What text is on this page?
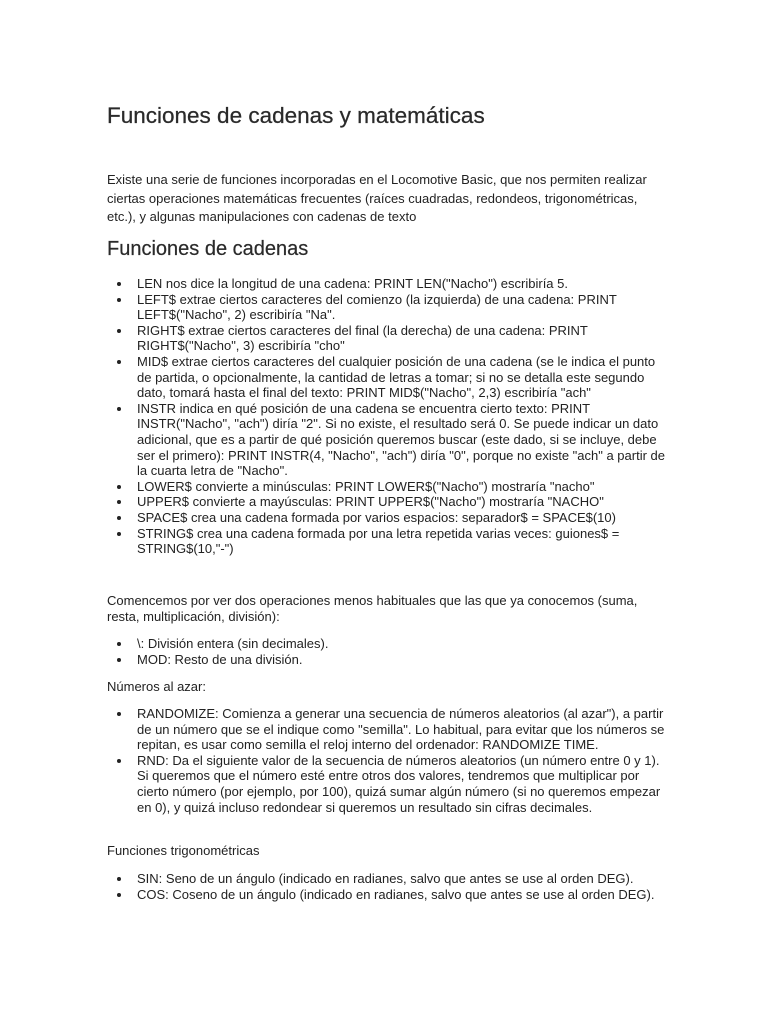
Funciones de cadenas y matemáticas

Existe una serie de funciones incorporadas en el Locomotive Basic, que nos permiten realizar ciertas operaciones matemáticas frecuentes (raíces cuadradas, redondeos, trigonométricas, etc.), y algunas manipulaciones con cadenas de texto

Funciones de cadenas
LEN nos dice la longitud de una cadena: PRINT LEN("Nacho") escribiría 5.
LEFT$ extrae ciertos caracteres del comienzo (la izquierda) de una cadena: PRINT LEFT$("Nacho", 2) escribiría "Na".
RIGHT$ extrae ciertos caracteres del final (la derecha) de una cadena: PRINT RIGHT$("Nacho", 3) escribiría "cho"
MID$ extrae ciertos caracteres del cualquier posición de una cadena (se le indica el punto de partida, o opcionalmente, la cantidad de letras a tomar; si no se detalla este segundo dato, tomará hasta el final del texto: PRINT MID$("Nacho", 2,3) escribiría "ach"
INSTR indica en qué posición de una cadena se encuentra cierto texto: PRINT INSTR("Nacho", "ach") diría "2". Si no existe, el resultado será 0. Se puede indicar un dato adicional, que es a partir de qué posición queremos buscar (este dado, si se incluye, debe ser el primero): PRINT INSTR(4, "Nacho", "ach") diría "0", porque no existe "ach" a partir de la cuarta letra de "Nacho".
LOWER$ convierte a minúsculas: PRINT LOWER$("Nacho") mostraría "nacho"
UPPER$ convierte a mayúsculas: PRINT UPPER$("Nacho") mostraría "NACHO"
SPACE$ crea una cadena formada por varios espacios: separador$ = SPACE$(10)
STRING$ crea una cadena formada por una letra repetida varias veces: guiones$ = STRING$(10,"-")

Comencemos por ver dos operaciones menos habituales que las que ya conocemos (suma, resta, multiplicación, división):

\: División entera (sin decimales).
MOD: Resto de una división.

Números al azar:

RANDOMIZE: Comienza a generar una secuencia de números aleatorios (al azar"), a partir de un número que se el indique como "semilla". Lo habitual, para evitar que los números se repitan, es usar como semilla el reloj interno del ordenador: RANDOMIZE TIME.
RND: Da el siguiente valor de la secuencia de números aleatorios (un número entre 0 y 1). Si queremos que el número esté entre otros dos valores, tendremos que multiplicar por cierto número (por ejemplo, por 100), quizá sumar algún número (si no queremos empezar en 0), y quizá incluso redondear si queremos un resultado sin cifras decimales.

Funciones trigonométricas

SIN: Seno de un ángulo (indicado en radianes, salvo que antes se use al orden DEG).
COS: Coseno de un ángulo (indicado en radianes, salvo que antes se use al orden DEG).
